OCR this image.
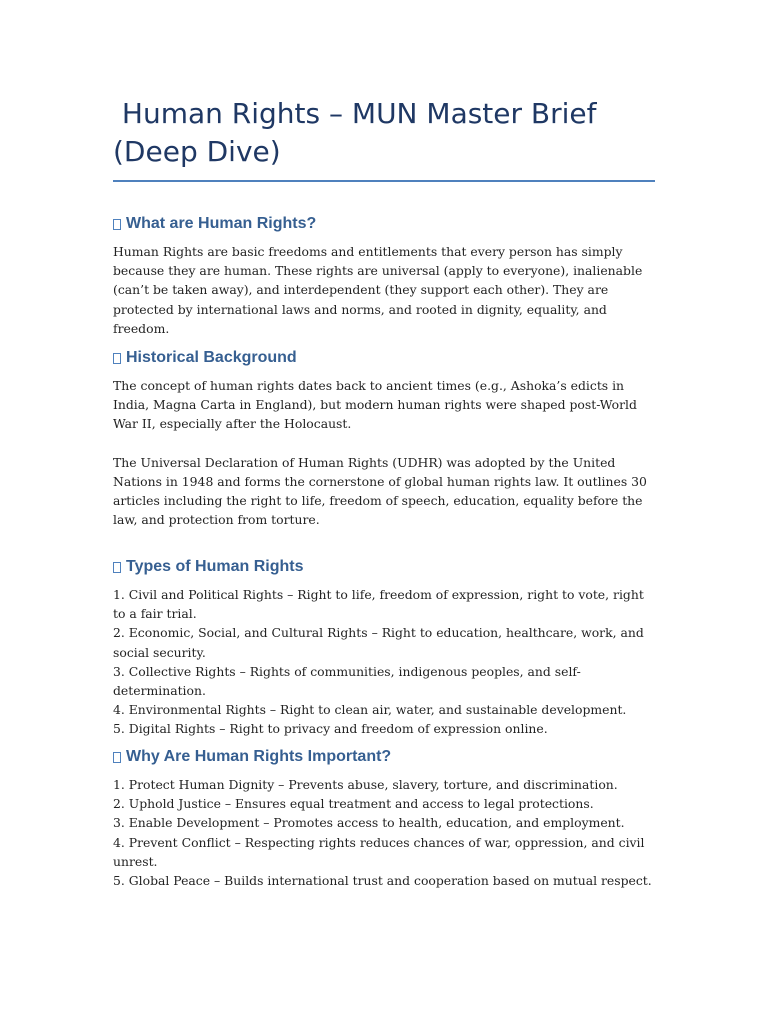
Human Rights – MUN Master Brief (Deep Dive)
What are Human Rights?

Human Rights are basic freedoms and entitlements that every person has simply because they are human. These rights are universal (apply to everyone), inalienable (can’t be taken away), and interdependent (they support each other). They are protected by international laws and norms, and rooted in dignity, equality, and freedom.

Historical Background

The concept of human rights dates back to ancient times (e.g., Ashoka’s edicts in India, Magna Carta in England), but modern human rights were shaped post-World War II, especially after the Holocaust.

The Universal Declaration of Human Rights (UDHR) was adopted by the United Nations in 1948 and forms the cornerstone of global human rights law. It outlines 30 articles including the right to life, freedom of speech, education, equality before the law, and protection from torture.

Types of Human Rights

1. Civil and Political Rights – Right to life, freedom of expression, right to vote, right to a fair trial.

2. Economic, Social, and Cultural Rights – Right to education, healthcare, work, and social security.

3. Collective Rights – Rights of communities, indigenous peoples, and self-determination.

4. Environmental Rights – Right to clean air, water, and sustainable development.

5. Digital Rights – Right to privacy and freedom of expression online.

Why Are Human Rights Important?

1. Protect Human Dignity – Prevents abuse, slavery, torture, and discrimination.

2. Uphold Justice – Ensures equal treatment and access to legal protections.

3. Enable Development – Promotes access to health, education, and employment.

4. Prevent Conflict – Respecting rights reduces chances of war, oppression, and civil unrest.

5. Global Peace – Builds international trust and cooperation based on mutual respect.
